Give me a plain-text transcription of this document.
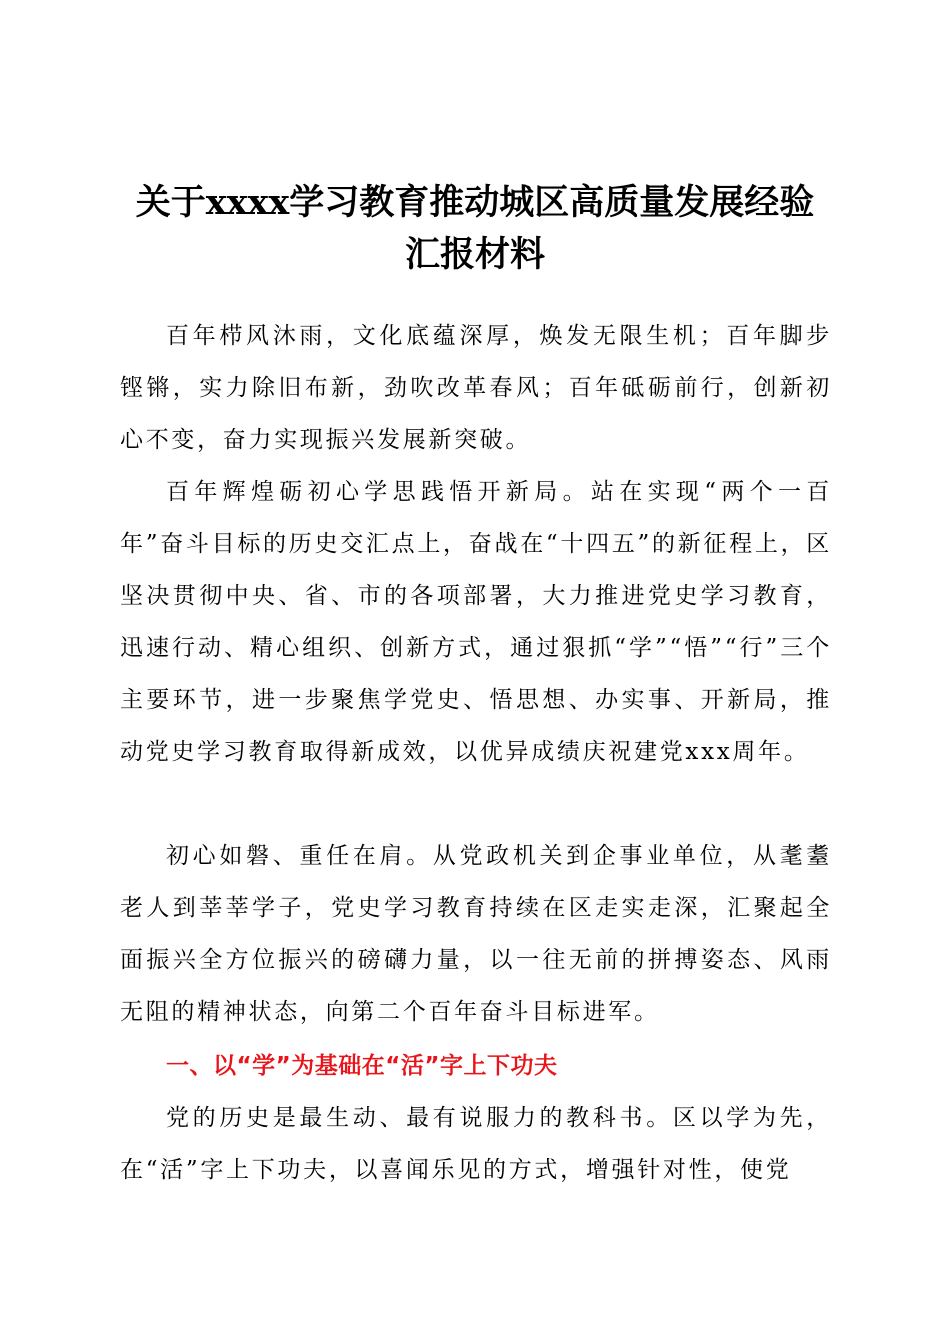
关于xxxx学习教育推动城区高质量发展经验
汇报材料

百年栉风沐雨，文化底蕴深厚，焕发无限生机；百年脚步铿锵，实力除旧布新，劲吹改革春风；百年砥砺前行，创新初心不变，奋力实现振兴发展新突破。

百年辉煌砺初心学思践悟开新局。站在实现“两个一百年”奋斗目标的历史交汇点上，奋战在“十四五”的新征程上，区坚决贯彻中央、省、市的各项部署，大力推进党史学习教育，迅速行动、精心组织、创新方式，通过狠抓“学”“悟”“行”三个主要环节，进一步聚焦学党史、悟思想、办实事、开新局，推动党史学习教育取得新成效，以优异成绩庆祝建党xxx周年。

初心如磐、重任在肩。从党政机关到企事业单位，从耄耋老人到莘莘学子，党史学习教育持续在区走实走深，汇聚起全面振兴全方位振兴的磅礴力量，以一往无前的拼搏姿态、风雨无阻的精神状态，向第二个百年奋斗目标进军。

一、以“学”为基础在“活”字上下功夫

党的历史是最生动、最有说服力的教科书。区以学为先，在“活”字上下功夫，以喜闻乐见的方式，增强针对性，使党
